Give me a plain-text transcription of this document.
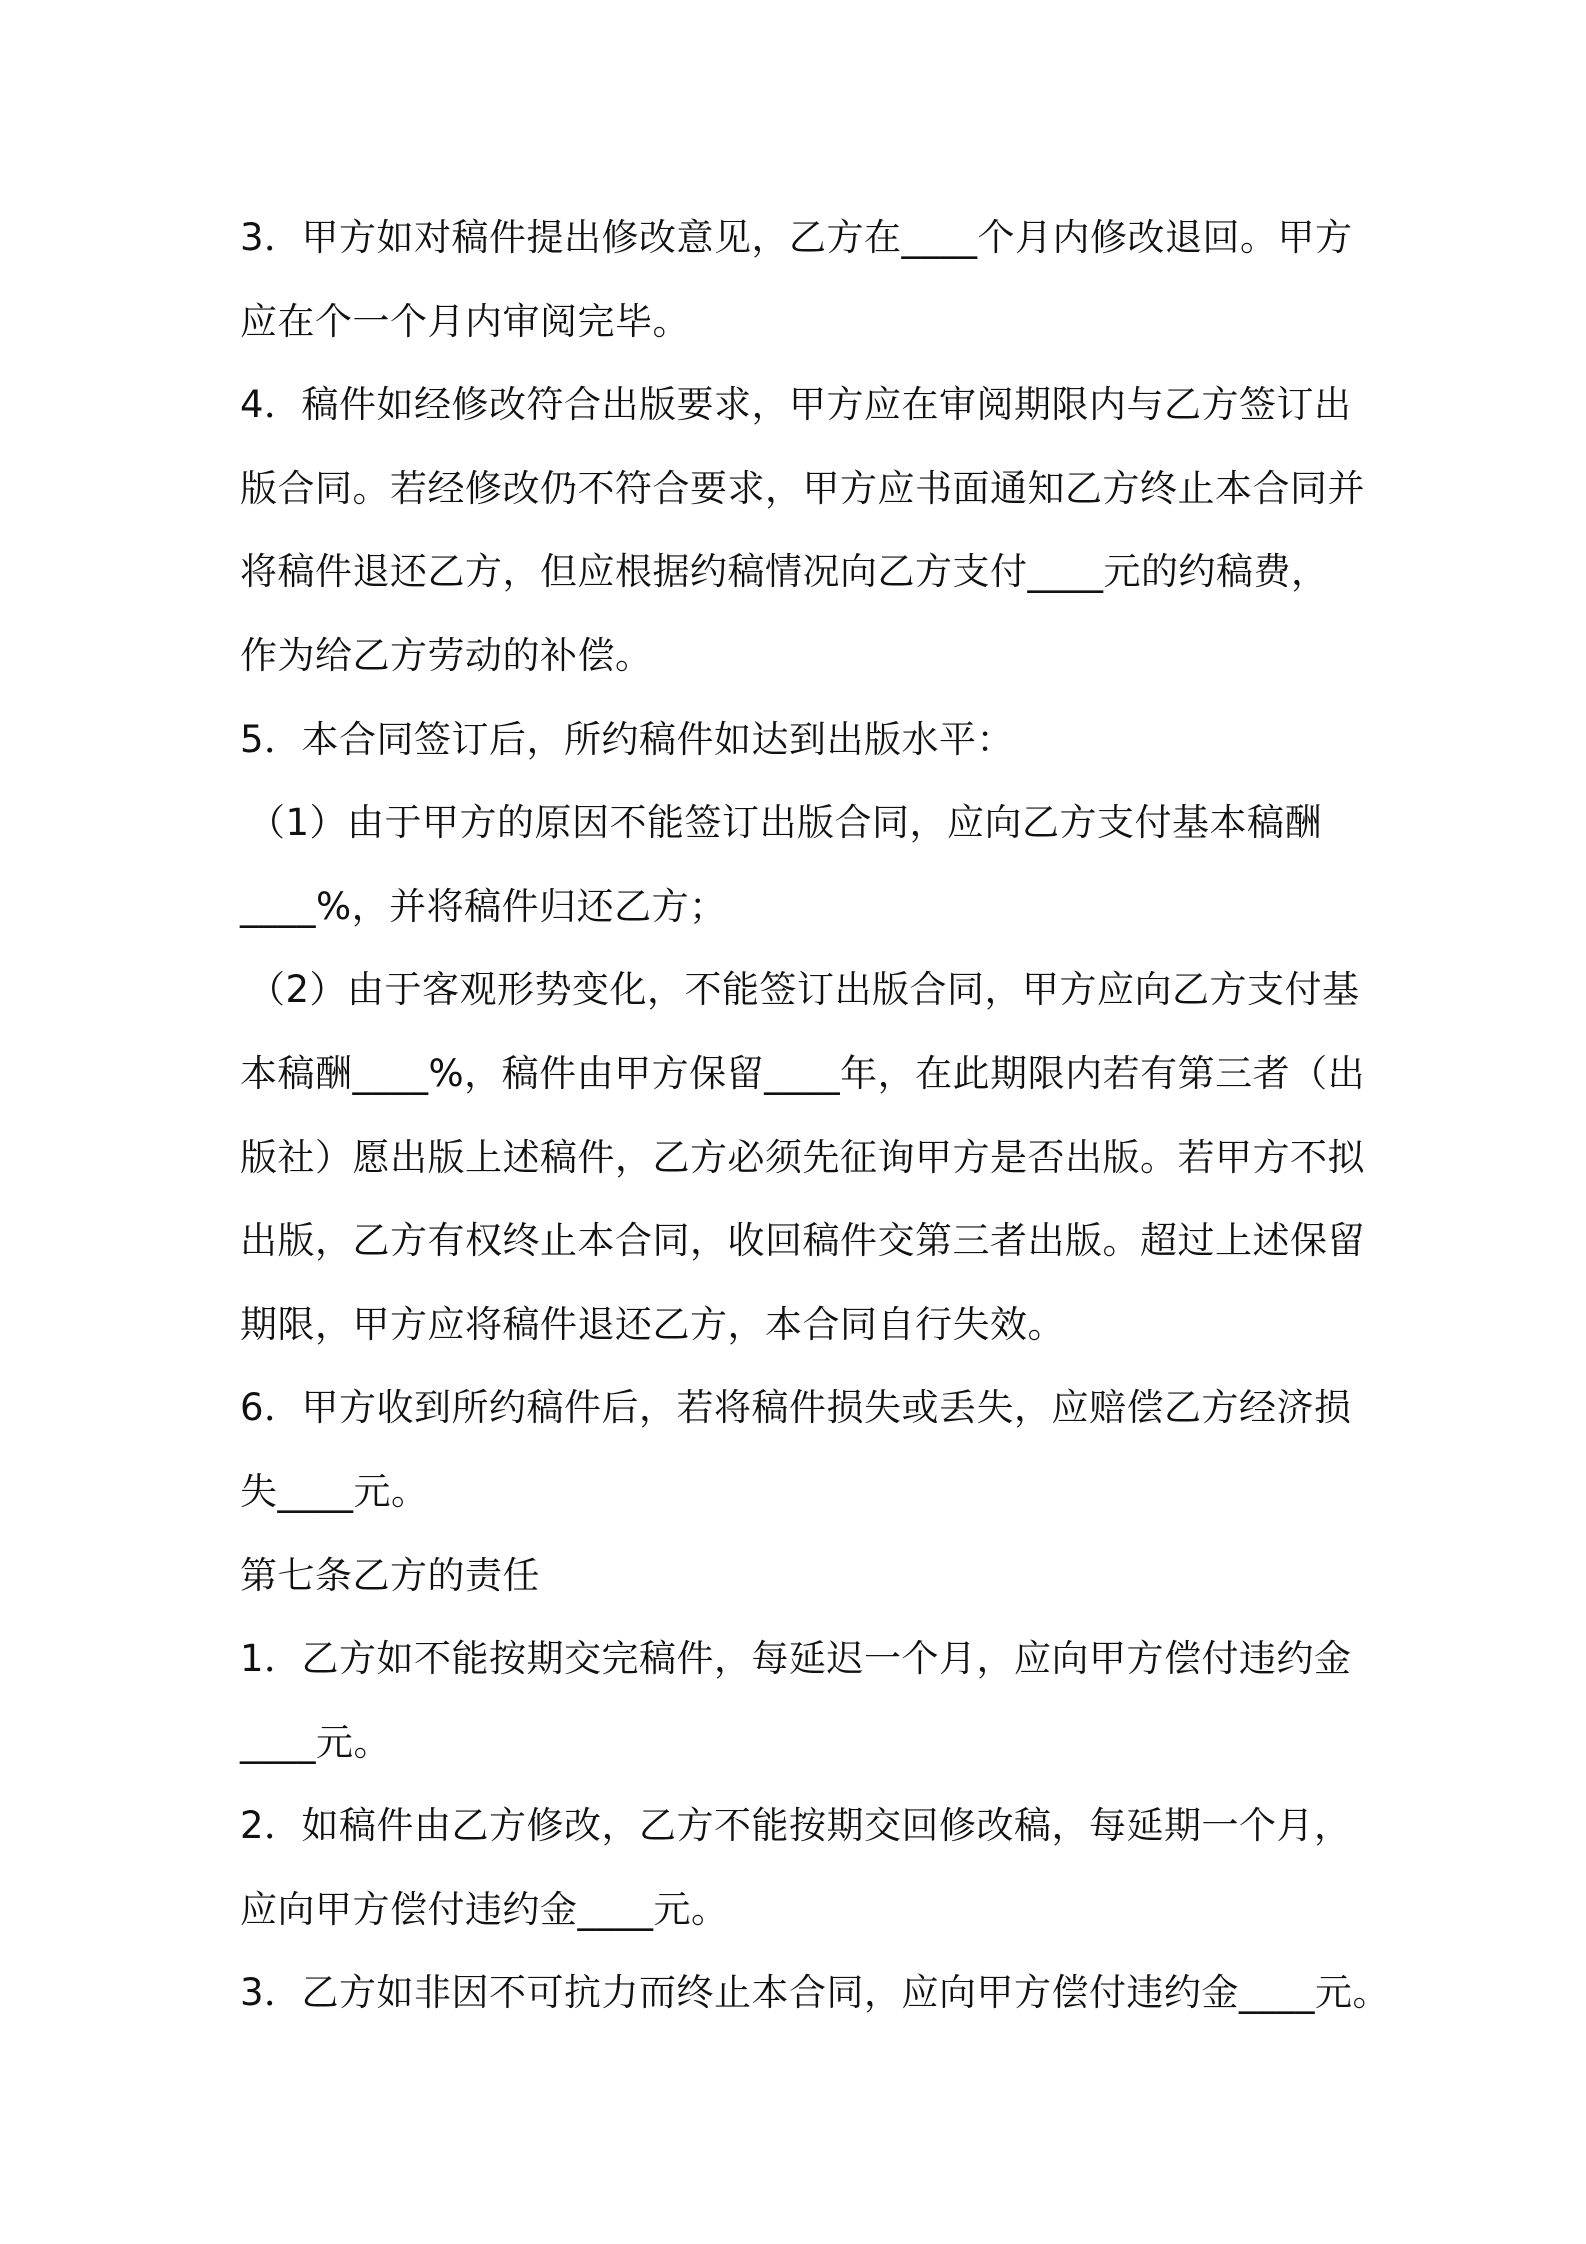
3．甲方如对稿件提出修改意见，乙方在____个月内修改退回。甲方
应在个一个月内审阅完毕。
4．稿件如经修改符合出版要求，甲方应在审阅期限内与乙方签订出
版合同。若经修改仍不符合要求，甲方应书面通知乙方终止本合同并
将稿件退还乙方，但应根据约稿情况向乙方支付____元的约稿费，
作为给乙方劳动的补偿。
5．本合同签订后，所约稿件如达到出版水平：
（1）由于甲方的原因不能签订出版合同，应向乙方支付基本稿酬
____%，并将稿件归还乙方；
（2）由于客观形势变化，不能签订出版合同，甲方应向乙方支付基
本稿酬____%，稿件由甲方保留____年，在此期限内若有第三者（出
版社）愿出版上述稿件，乙方必须先征询甲方是否出版。若甲方不拟
出版，乙方有权终止本合同，收回稿件交第三者出版。超过上述保留
期限，甲方应将稿件退还乙方，本合同自行失效。
6．甲方收到所约稿件后，若将稿件损失或丢失，应赔偿乙方经济损
失____元。
第七条乙方的责任
1．乙方如不能按期交完稿件，每延迟一个月，应向甲方偿付违约金
____元。
2．如稿件由乙方修改，乙方不能按期交回修改稿，每延期一个月，
应向甲方偿付违约金____元。
3．乙方如非因不可抗力而终止本合同，应向甲方偿付违约金____元。
